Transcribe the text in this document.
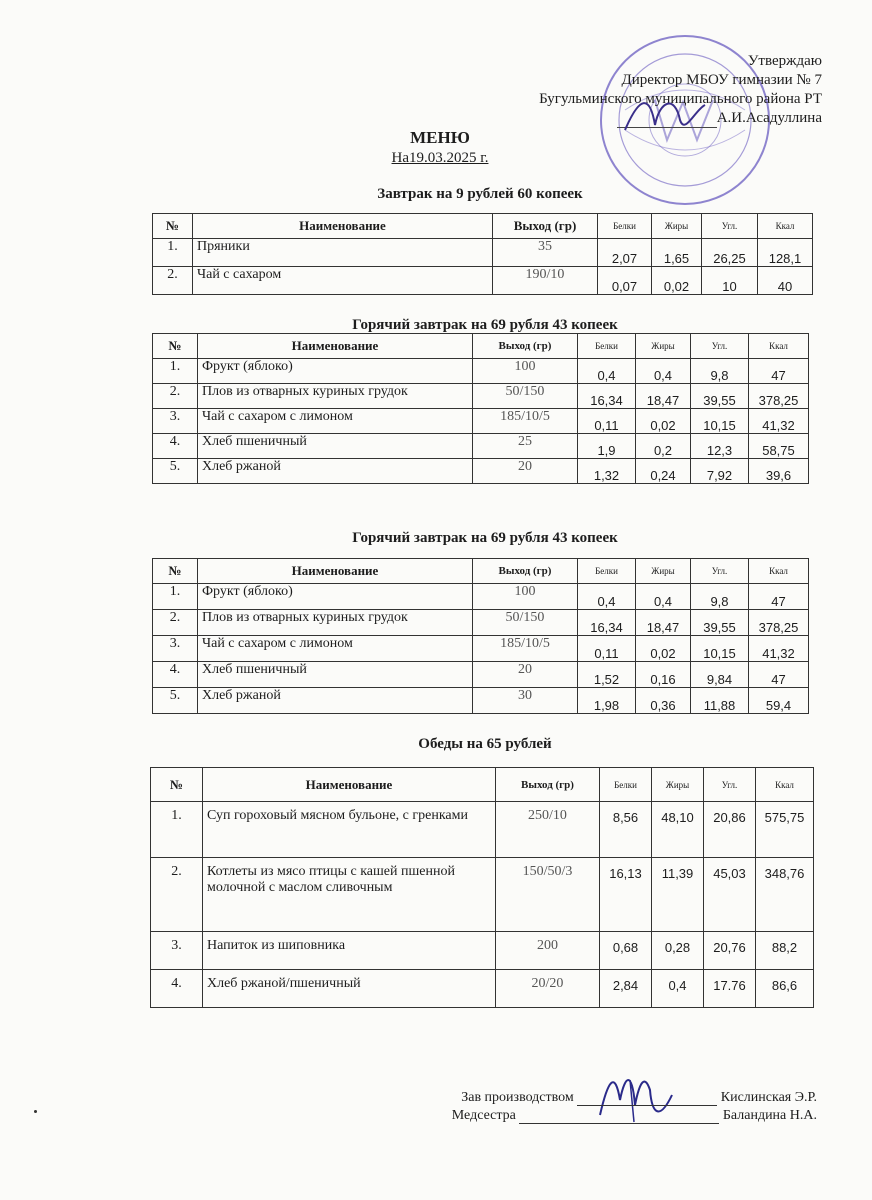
Утверждаю
Директор МБОУ гимназии № 7
Бугульминского муниципального района РТ
А.И.Асадуллина
МЕНЮ
На19.03.2025 г.
Завтрак на 9 рублей 60 копеек
№	Наименование	Выход (гр)	Белки	Жиры	Угл.	Ккал
1.	Пряники	35	2,07	1,65	26,25	128,1
2.	Чай с сахаром	190/10	0,07	0,02	10	40
Горячий завтрак на 69 рубля 43 копеек
№	Наименование	Выход (гр)	Белки	Жиры	Угл.	Ккал
1.	Фрукт (яблоко)	100	0,4	0,4	9,8	47
2.	Плов из отварных куриных грудок	50/150	16,34	18,47	39,55	378,25
3.	Чай с сахаром с лимоном	185/10/5	0,11	0,02	10,15	41,32
4.	Хлеб пшеничный	25	1,9	0,2	12,3	58,75
5.	Хлеб ржаной	20	1,32	0,24	7,92	39,6
Горячий завтрак на 69 рубля 43 копеек
№	Наименование	Выход (гр)	Белки	Жиры	Угл.	Ккал
1.	Фрукт (яблоко)	100	0,4	0,4	9,8	47
2.	Плов из отварных куриных грудок	50/150	16,34	18,47	39,55	378,25
3.	Чай с сахаром с лимоном	185/10/5	0,11	0,02	10,15	41,32
4.	Хлеб пшеничный	20	1,52	0,16	9,84	47
5.	Хлеб ржаной	30	1,98	0,36	11,88	59,4
Обеды на 65 рублей
№	Наименование	Выход (гр)	Белки	Жиры	Угл.	Ккал
1.	Суп гороховый мясном бульоне, с гренками	250/10	8,56	48,10	20,86	575,75
2.	Котлеты из мясо птицы с кашей пшенной молочной с маслом сливочным	150/50/3	16,13	11,39	45,03	348,76
3.	Напиток из шиповника	200	0,68	0,28	20,76	88,2
4.	Хлеб ржаной/пшеничный	20/20	2,84	0,4	17.76	86,6
Зав производством	Кислинская Э.Р.
Медсестра	Баландина Н.А.
